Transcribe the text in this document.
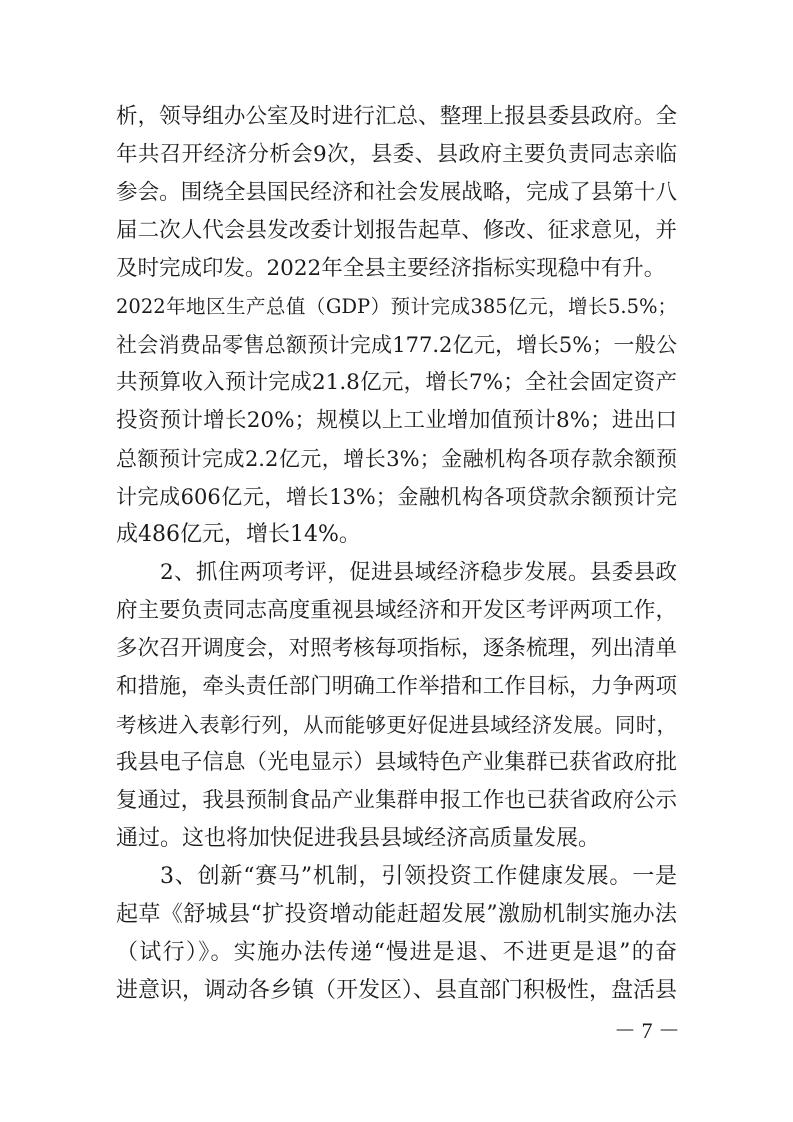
析，领导组办公室及时进行汇总、整理上报县委县政府。全
年共召开经济分析会9次，县委、县政府主要负责同志亲临
参会。围绕全县国民经济和社会发展战略，完成了县第十八
届二次人代会县发改委计划报告起草、修改、征求意见，并
及时完成印发。2022年全县主要经济指标实现稳中有升。
2022年地区生产总值（GDP）预计完成385亿元，增长5.5%；
社会消费品零售总额预计完成177.2亿元，增长5%；一般公
共预算收入预计完成21.8亿元，增长7%；全社会固定资产
投资预计增长20%；规模以上工业增加值预计8%；进出口
总额预计完成2.2亿元，增长3%；金融机构各项存款余额预
计完成606亿元，增长13%；金融机构各项贷款余额预计完
成486亿元，增长14%。
2、抓住两项考评，促进县域经济稳步发展。县委县政
府主要负责同志高度重视县域经济和开发区考评两项工作，
多次召开调度会，对照考核每项指标，逐条梳理，列出清单
和措施，牵头责任部门明确工作举措和工作目标，力争两项
考核进入表彰行列，从而能够更好促进县域经济发展。同时，
我县电子信息（光电显示）县域特色产业集群已获省政府批
复通过，我县预制食品产业集群申报工作也已获省政府公示
通过。这也将加快促进我县县域经济高质量发展。
3、创新“赛马”机制，引领投资工作健康发展。一是
起草《舒城县“扩投资增动能赶超发展”激励机制实施办法
（试行）》。实施办法传递“慢进是退、不进更是退”的奋
进意识，调动各乡镇（开发区）、县直部门积极性，盘活县
－ 7 －
